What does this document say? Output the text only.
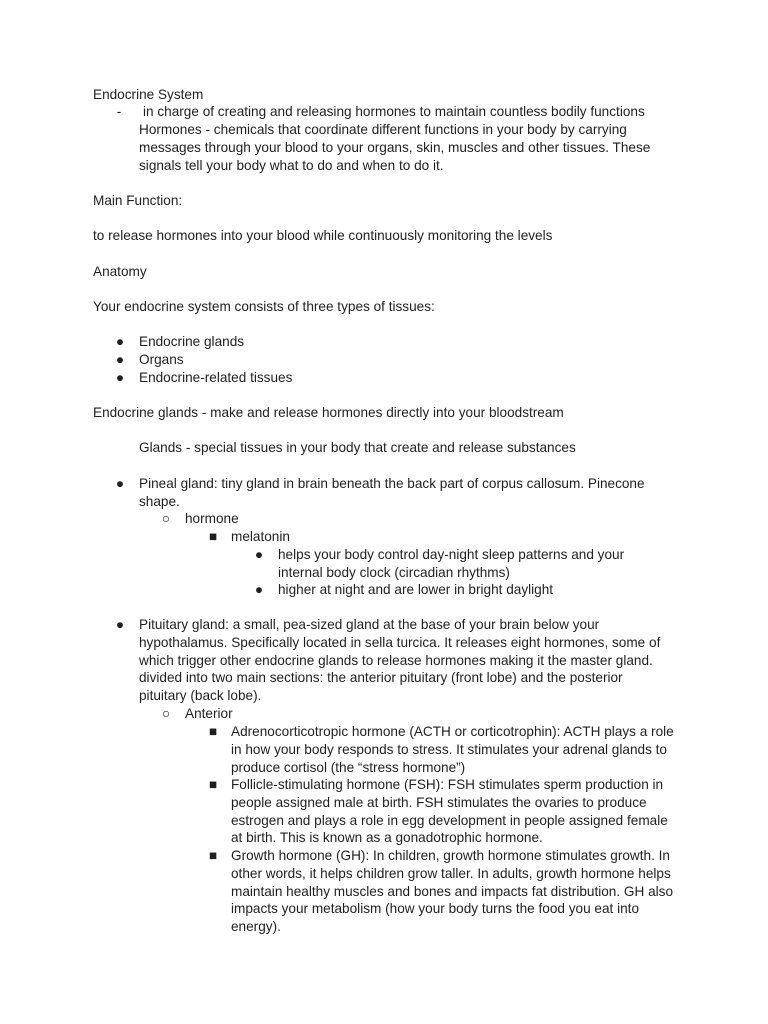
Endocrine System

-	in charge of creating and releasing hormones to maintain countless bodily functions

Hormones - chemicals that coordinate different functions in your body by carrying messages through your blood to your organs, skin, muscles and other tissues. These signals tell your body what to do and when to do it.

Main Function:

to release hormones into your blood while continuously monitoring the levels

Anatomy

Your endocrine system consists of three types of tissues:

● Endocrine glands

● Organs

● Endocrine-related tissues

Endocrine glands - make and release hormones directly into your bloodstream

Glands - special tissues in your body that create and release substances

● Pineal gland: tiny gland in brain beneath the back part of corpus callosum. Pinecone shape.

○ hormone

■ melatonin

● helps your body control day-night sleep patterns and your internal body clock (circadian rhythms)

● higher at night and are lower in bright daylight

● Pituitary gland: a small, pea-sized gland at the base of your brain below your hypothalamus. Specifically located in sella turcica. It releases eight hormones, some of which trigger other endocrine glands to release hormones making it the master gland. divided into two main sections: the anterior pituitary (front lobe) and the posterior pituitary (back lobe).

○ Anterior

■ Adrenocorticotropic hormone (ACTH or corticotrophin): ACTH plays a role in how your body responds to stress. It stimulates your adrenal glands to produce cortisol (the “stress hormone”)

■ Follicle-stimulating hormone (FSH): FSH stimulates sperm production in people assigned male at birth. FSH stimulates the ovaries to produce estrogen and plays a role in egg development in people assigned female at birth. This is known as a gonadotrophic hormone.

■ Growth hormone (GH): In children, growth hormone stimulates growth. In other words, it helps children grow taller. In adults, growth hormone helps maintain healthy muscles and bones and impacts fat distribution. GH also impacts your metabolism (how your body turns the food you eat into energy).
